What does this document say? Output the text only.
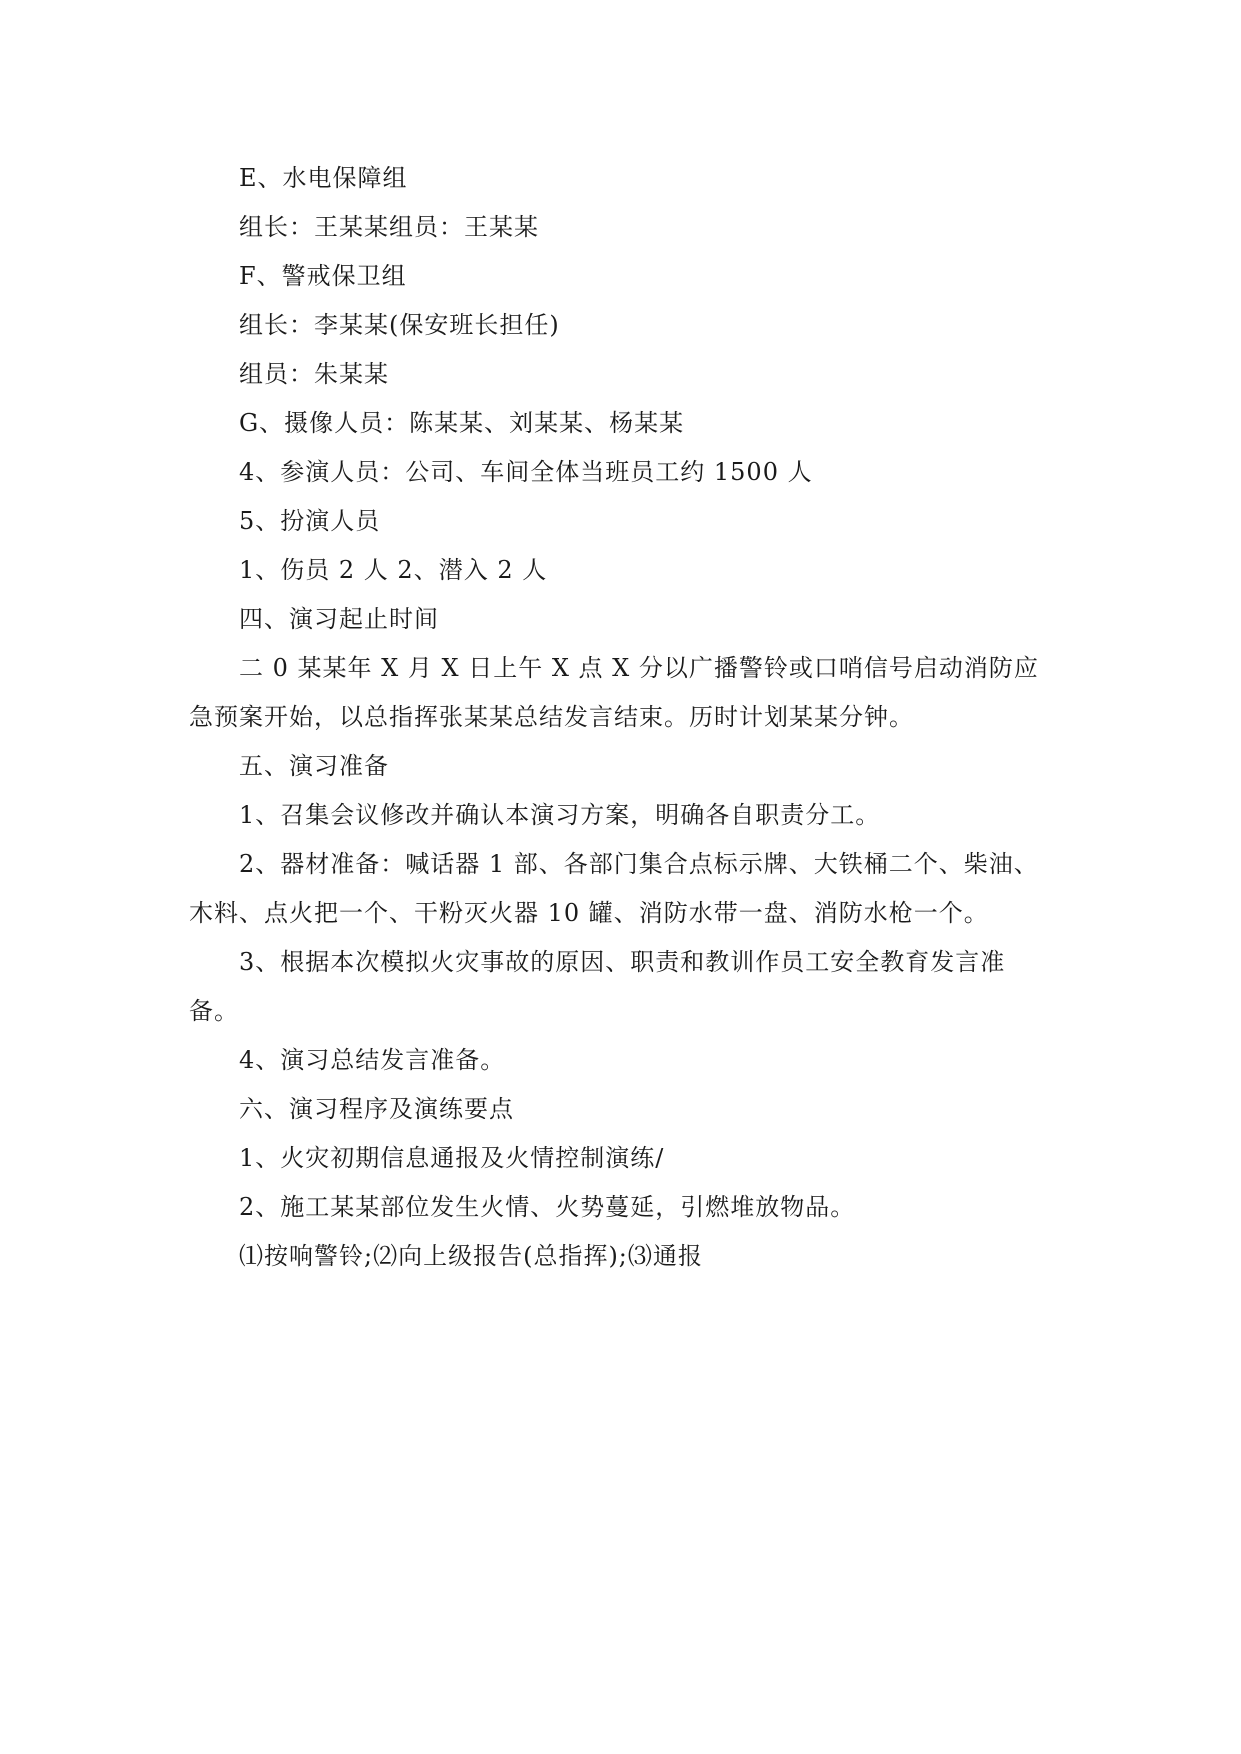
E、水电保障组

组长：王某某组员：王某某

F、警戒保卫组

组长：李某某(保安班长担任)

组员：朱某某

G、摄像人员：陈某某、刘某某、杨某某

4、参演人员：公司、车间全体当班员工约 1500 人

5、扮演人员

1、伤员 2 人 2、潜入 2 人

四、演习起止时间

二 0 某某年 X 月 X 日上午 X 点 X 分以广播警铃或口哨信号启动消防应急预案开始，以总指挥张某某总结发言结束。历时计划某某分钟。

五、演习准备

1、召集会议修改并确认本演习方案，明确各自职责分工。

2、器材准备：喊话器 1 部、各部门集合点标示牌、大铁桶二个、柴油、木料、点火把一个、干粉灭火器 10 罐、消防水带一盘、消防水枪一个。

3、根据本次模拟火灾事故的原因、职责和教训作员工安全教育发言准备。

4、演习总结发言准备。

六、演习程序及演练要点

1、火灾初期信息通报及火情控制演练/

2、施工某某部位发生火情、火势蔓延，引燃堆放物品。

⑴按响警铃;⑵向上级报告(总指挥);⑶通报
